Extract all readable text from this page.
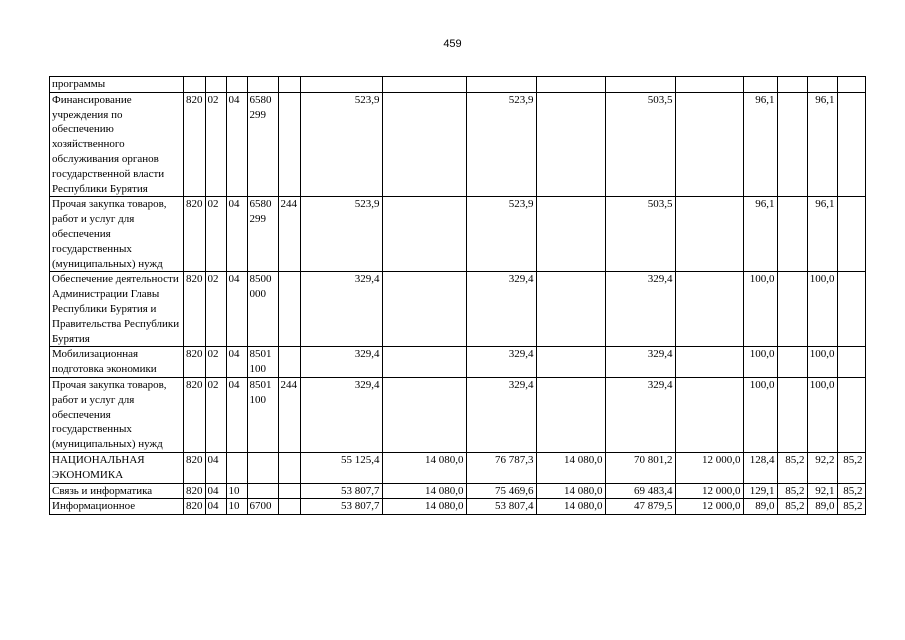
459
программы															
Финансирование учреждения по обеспечению хозяйственного обслуживания органов государственной власти Республики Бурятия	820	02	04	6580 299		523,9		523,9		503,5		96,1		96,1	
Прочая закупка товаров, работ и услуг для обеспечения государственных (муниципальных) нужд	820	02	04	6580 299	244	523,9		523,9		503,5		96,1		96,1	
Обеспечение деятельности Администрации Главы Республики Бурятия и Правительства Республики Бурятия	820	02	04	8500 000		329,4		329,4		329,4		100,0		100,0	
Мобилизационная подготовка экономики	820	02	04	8501 100		329,4		329,4		329,4		100,0		100,0	
Прочая закупка товаров, работ и услуг для обеспечения государственных (муниципальных) нужд	820	02	04	8501 100	244	329,4		329,4		329,4		100,0		100,0	
НАЦИОНАЛЬНАЯ ЭКОНОМИКА	820	04				55 125,4	14 080,0	76 787,3	14 080,0	70 801,2	12 000,0	128,4	85,2	92,2	85,2
Связь и информатика	820	04	10			53 807,7	14 080,0	75 469,6	14 080,0	69 483,4	12 000,0	129,1	85,2	92,1	85,2
Информационное	820	04	10	6700		53 807,7	14 080,0	53 807,4	14 080,0	47 879,5	12 000,0	89,0	85,2	89,0	85,2
